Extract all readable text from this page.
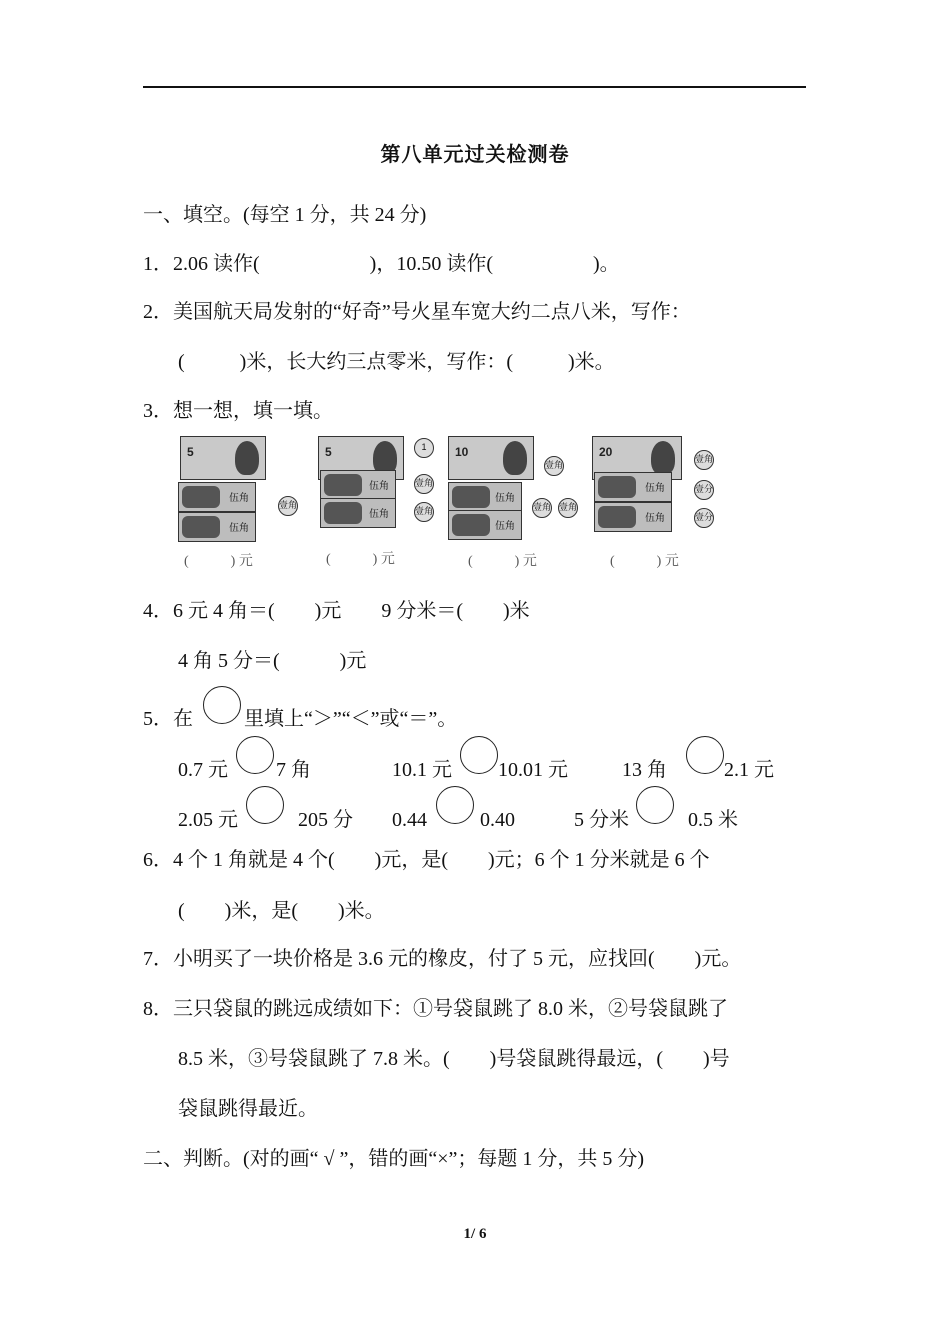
第八单元过关检测卷
一、填空。(每空 1 分，共 24 分)
1．2.06 读作(                      )，10.50 读作(                    )。
2．美国航天局发射的“好奇”号火星车宽大约二点八米，写作：
(           )米，长大约三点零米，写作：(           )米。
3．想一想，填一填。
5
伍角
伍角
壹角
(            ) 元
5
伍角
伍角
1
壹角
壹角
(            ) 元
10
伍角
伍角
壹角
壹角 壹角
(            ) 元
20
伍角
伍角
壹角
壹分
壹分
(            ) 元
4．6 元 4 角＝(        )元        9 分米＝(        )米
4 角 5 分＝(            )元
5．在	里填上“＞”“＜”或“＝”。
0.7 元 7 角	10.1 元 10.01 元	13 角	2.1 元
2.05 元	205 分 0.44	0.40	5 分米	0.5 米
6．4 个 1 角就是 4 个(        )元，是(        )元；6 个 1 分米就是 6 个
(        )米，是(        )米。
7．小明买了一块价格是 3.6 元的橡皮，付了 5 元，应找回(        )元。
8．三只袋鼠的跳远成绩如下：①号袋鼠跳了 8.0 米，②号袋鼠跳了
8.5 米，③号袋鼠跳了 7.8 米。(        )号袋鼠跳得最远，(        )号
袋鼠跳得最近。
二、判断。(对的画“ √ ”，错的画“×”；每题 1 分，共 5 分)
1/ 6
